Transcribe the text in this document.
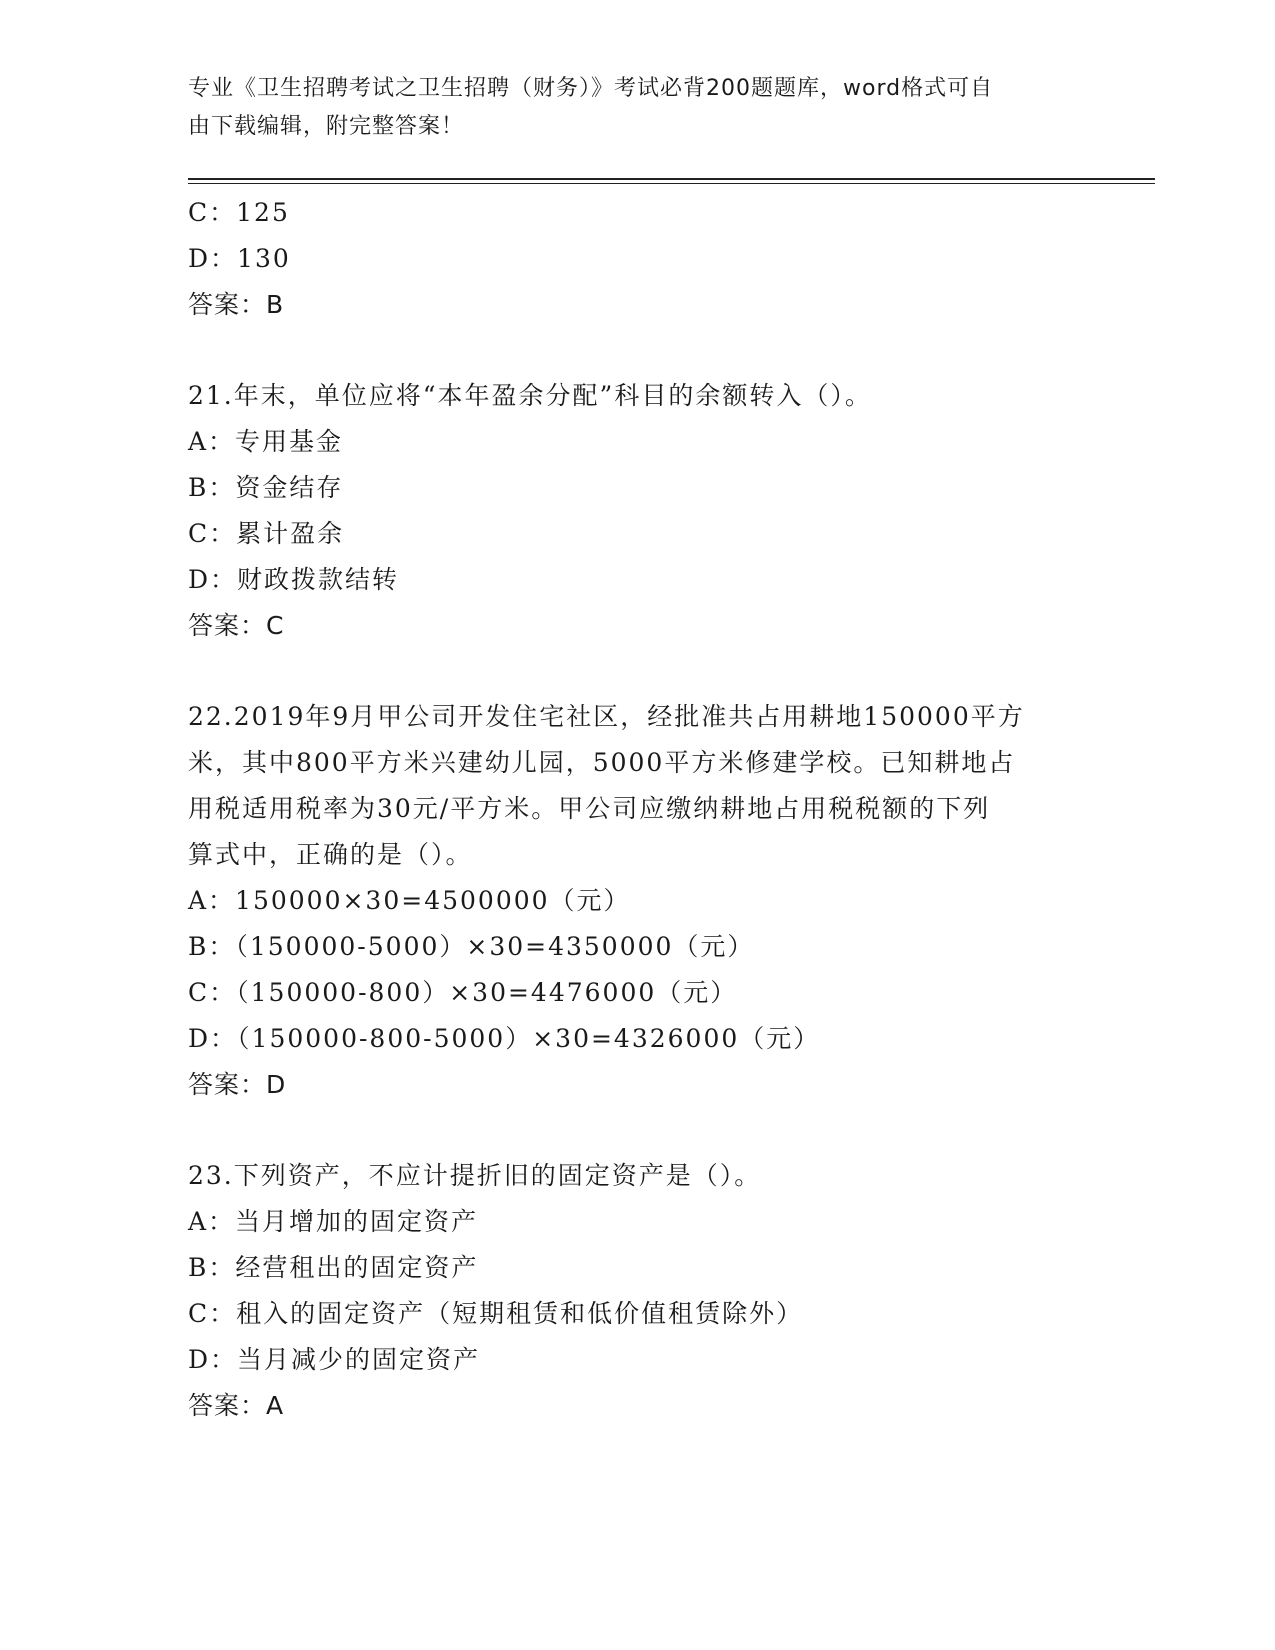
专业《卫生招聘考试之卫生招聘（财务）》考试必背200题题库，word格式可自
由下载编辑，附完整答案！
C：125
D：130
答案：B
21.年末，单位应将“本年盈余分配”科目的余额转入（）。
A：专用基金
B：资金结存
C：累计盈余
D：财政拨款结转
答案：C
22.2019年9月甲公司开发住宅社区，经批准共占用耕地150000平方
米，其中800平方米兴建幼儿园，5000平方米修建学校。已知耕地占
用税适用税率为30元/平方米。甲公司应缴纳耕地占用税税额的下列
算式中，正确的是（）。
A：150000×30=4500000（元）
B：（150000-5000）×30=4350000（元）
C：（150000-800）×30=4476000（元）
D：（150000-800-5000）×30=4326000（元）
答案：D
23.下列资产，不应计提折旧的固定资产是（）。
A：当月增加的固定资产
B：经营租出的固定资产
C：租入的固定资产（短期租赁和低价值租赁除外）
D：当月减少的固定资产
答案：A
